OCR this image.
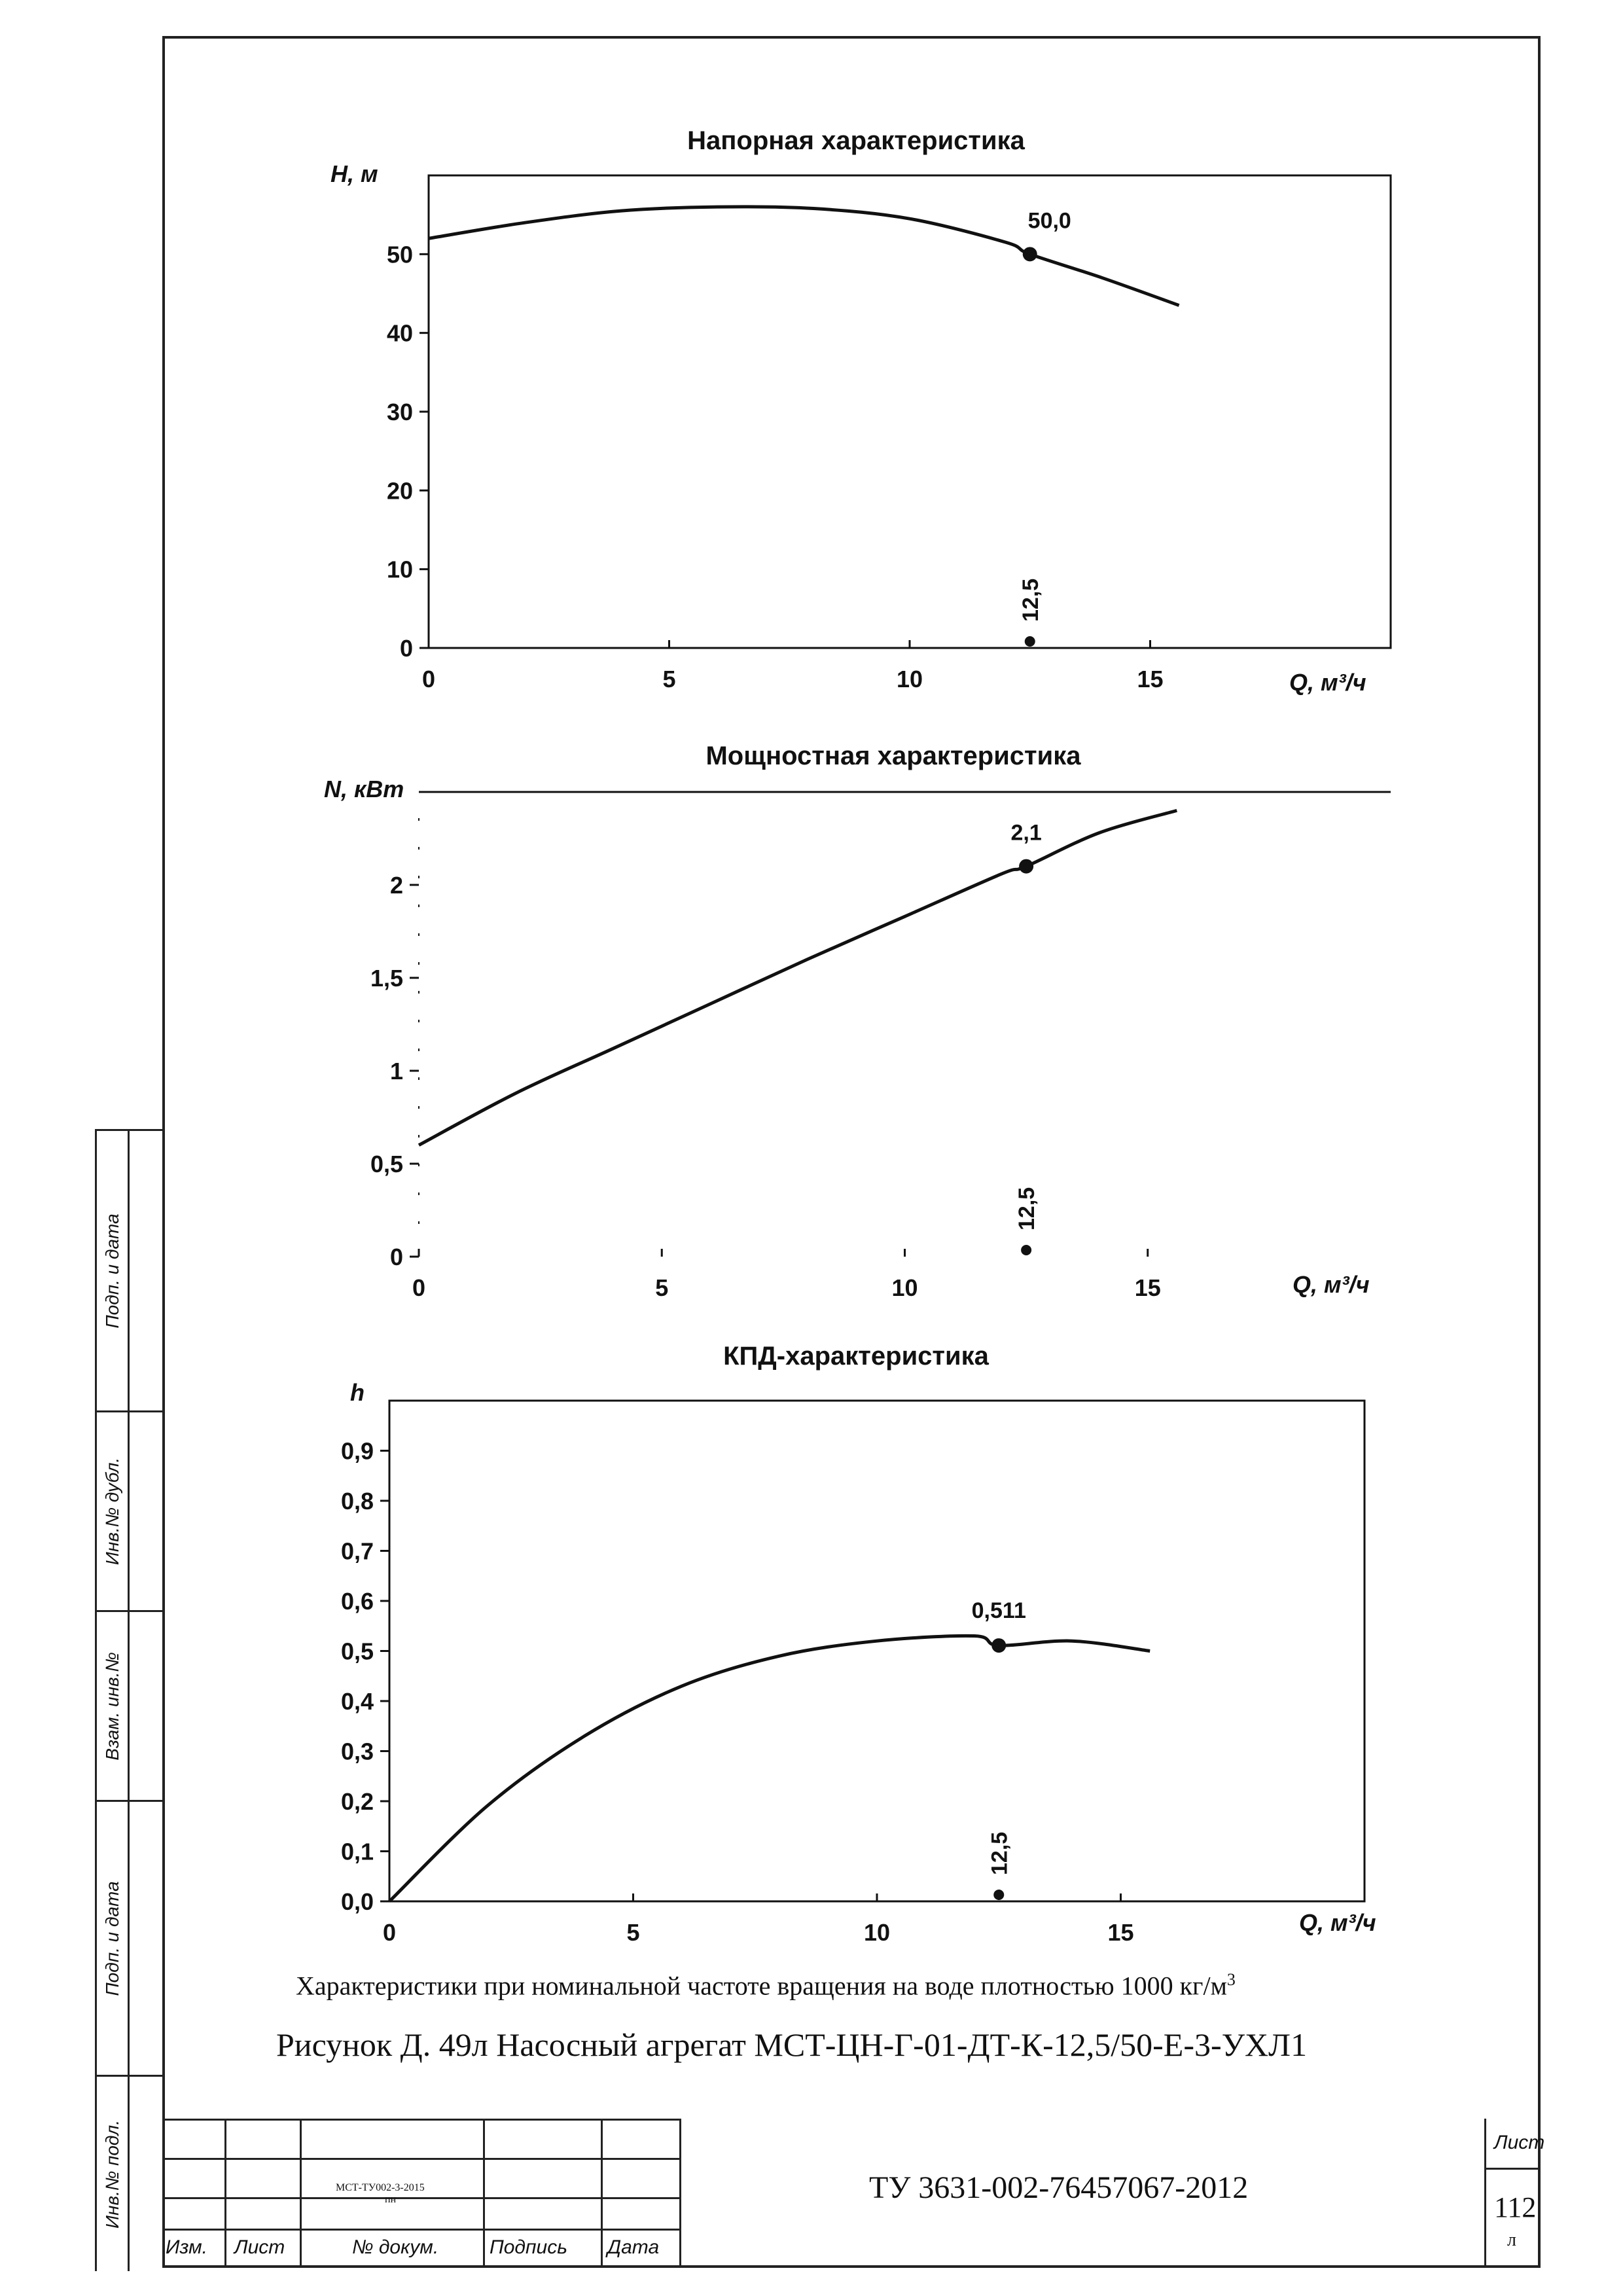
Напорная характеристика
H, м
Q, м³/ч
0
10
20
30
40
50
0	5	10	15
50,0
12,5
Мощностная характеристика
N, кВт
Q, м³/ч
0
0,5
1
1,5
2
0	5	10	15
2,1
12,5
КПД-характеристика
h
Q, м³/ч
0,0
0,1
0,2
0,3
0,4
0,5
0,6
0,7
0,8
0,9
0	5	10	15
0,511
12,5
Характеристики при номинальной частоте вращения на воде плотностью 1000 $кг/м^3$
Рисунок Д. 49л Насосный агрегат МСТ-ЦН-Г-01-ДТ-К-12,5/50-Е-3-УХЛ1
Подп. и дата
Инв.№ дубл.
Взам. инв.№
Подп. и дата
Инв.№ подл.	МСТ-ТУ002-3-2015
пн
Изм. Лист	№ докум.	Подпись Дата
ТУ 3631-002-76457067-2012
Лист
112
л
